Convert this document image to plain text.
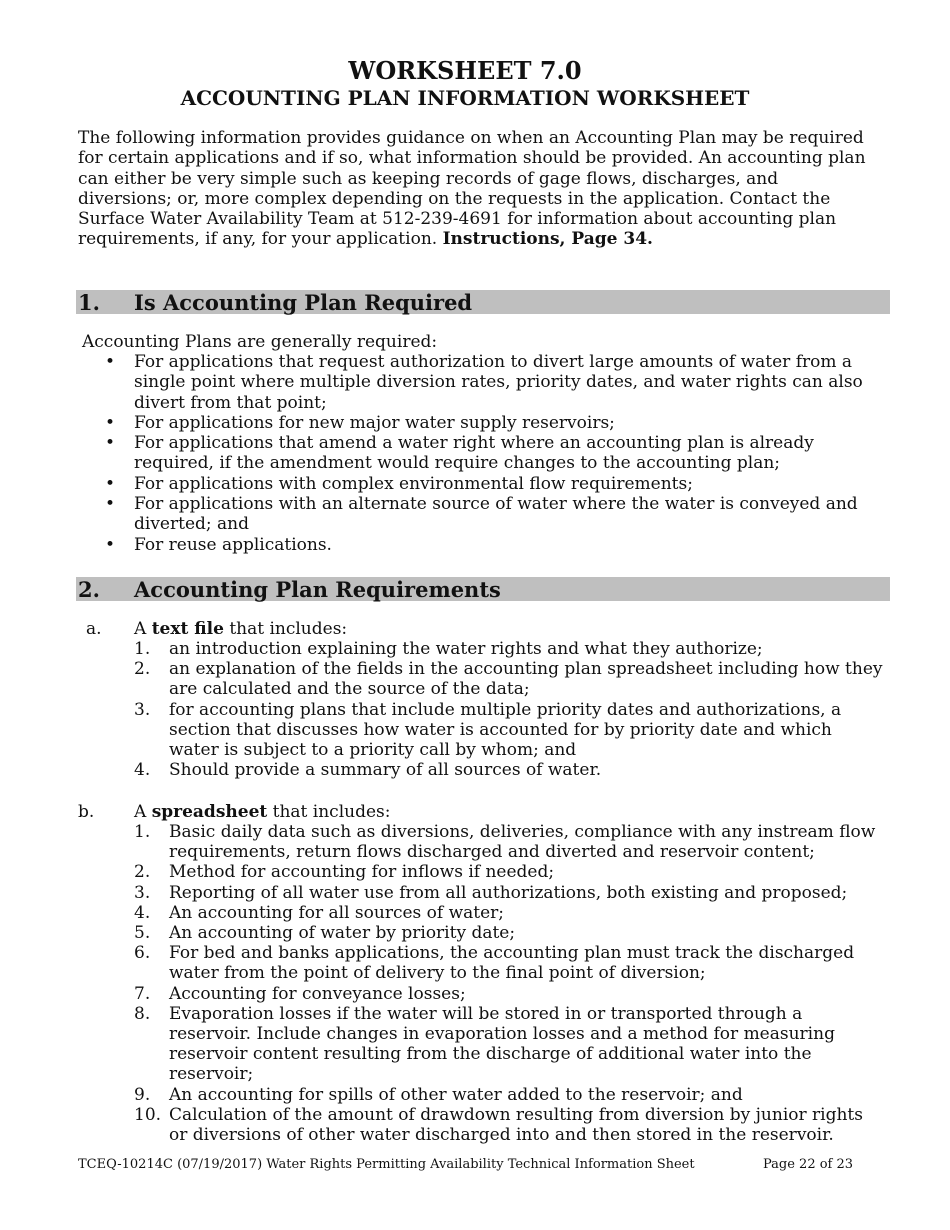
WORKSHEET 7.0
ACCOUNTING PLAN INFORMATION WORKSHEET
The following information provides guidance on when an Accounting Plan may be required for certain applications and if so, what information should be provided. An accounting plan can either be very simple such as keeping records of gage flows, discharges, and diversions; or, more complex depending on the requests in the application. Contact the Surface Water Availability Team at 512-239-4691 for information about accounting plan requirements, if any, for your application. Instructions, Page 34.
1. Is Accounting Plan Required
Accounting Plans are generally required:
• For applications that request authorization to divert large amounts of water from a single point where multiple diversion rates, priority dates, and water rights can also divert from that point;
• For applications for new major water supply reservoirs;
• For applications that amend a water right where an accounting plan is already required, if the amendment would require changes to the accounting plan;
• For applications with complex environmental flow requirements;
• For applications with an alternate source of water where the water is conveyed and diverted; and
• For reuse applications.
2. Accounting Plan Requirements
a. A text file that includes:
1. an introduction explaining the water rights and what they authorize;
2. an explanation of the fields in the accounting plan spreadsheet including how they are calculated and the source of the data;
3. for accounting plans that include multiple priority dates and authorizations, a section that discusses how water is accounted for by priority date and which water is subject to a priority call by whom; and
4. Should provide a summary of all sources of water.
b. A spreadsheet that includes:
1. Basic daily data such as diversions, deliveries, compliance with any instream flow requirements, return flows discharged and diverted and reservoir content;
2. Method for accounting for inflows if needed;
3. Reporting of all water use from all authorizations, both existing and proposed;
4. An accounting for all sources of water;
5. An accounting of water by priority date;
6. For bed and banks applications, the accounting plan must track the discharged water from the point of delivery to the final point of diversion;
7. Accounting for conveyance losses;
8. Evaporation losses if the water will be stored in or transported through a reservoir. Include changes in evaporation losses and a method for measuring reservoir content resulting from the discharge of additional water into the reservoir;
9. An accounting for spills of other water added to the reservoir; and
10. Calculation of the amount of drawdown resulting from diversion by junior rights or diversions of other water discharged into and then stored in the reservoir.
TCEQ-10214C (07/19/2017) Water Rights Permitting Availability Technical Information Sheet	Page 22 of 23
